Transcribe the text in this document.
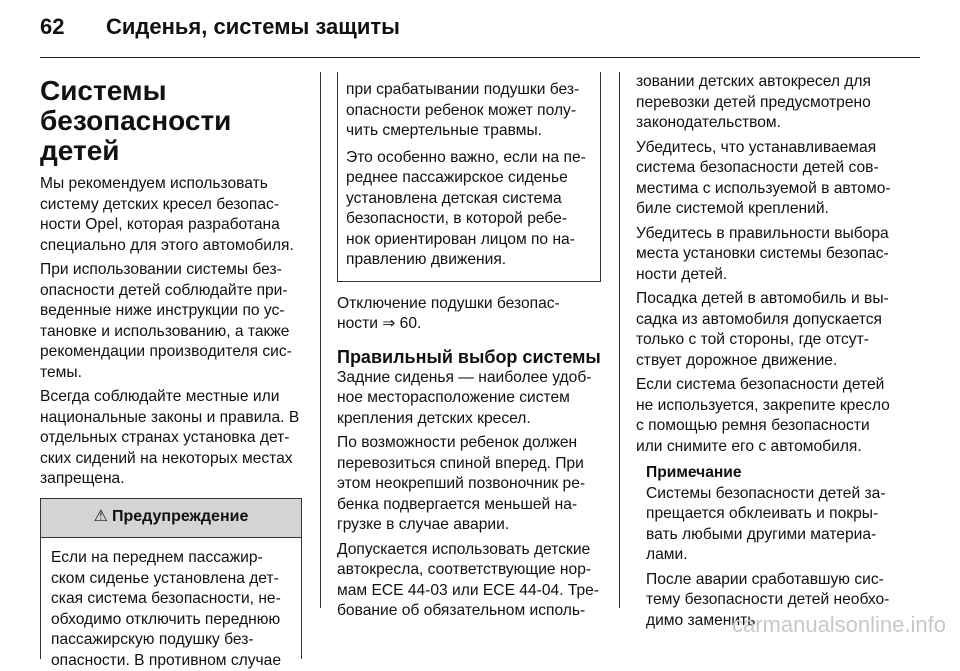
62 Сиденья, системы защиты
Системы
безопасности детей

Мы рекомендуем использовать
систему детских кресел безопас-
ности Opel, которая разработана
специально для этого автомобиля.

При использовании системы без-
опасности детей соблюдайте при-
веденные ниже инструкции по ус-
тановке и использованию, а также
рекомендации производителя сис-
темы.

Всегда соблюдайте местные или
национальные законы и правила. В
отдельных странах установка дет-
ских сидений на некоторых местах
запрещена.

⚠ Предупреждение
Если на переднем пассажир-
ском сиденье установлена дет-
ская система безопасности, не-
обходимо отключить переднюю
пассажирскую подушку без-
опасности. В противном случае

при срабатывании подушки без-
опасности ребенок может полу-
чить смертельные травмы.

Это особенно важно, если на пе-
реднее пассажирское сиденье
установлена детская система
безопасности, в которой ребе-
нок ориентирован лицом по на-
правлению движения.

Отключение подушки безопас-
ности ⇒ 60.

Правильный выбор системы

Задние сиденья — наиболее удоб-
ное месторасположение систем
крепления детских кресел.

По возможности ребенок должен
перевозиться спиной вперед. При
этом неокрепший позвоночник ре-
бенка подвергается меньшей на-
грузке в случае аварии.

Допускается использовать детские
автокресла, соответствующие нор-
мам ECE 44-03 или ECE 44-04. Тре-
бование об обязательном исполь-

зовании детских автокресел для
перевозки детей предусмотрено
законодательством.

Убедитесь, что устанавливаемая
система безопасности детей сов-
местима с используемой в автомо-
биле системой креплений.

Убедитесь в правильности выбора
места установки системы безопас-
ности детей.

Посадка детей в автомобиль и вы-
садка из автомобиля допускается
только с той стороны, где отсут-
ствует дорожное движение.

Если система безопасности детей
не используется, закрепите кресло
с помощью ремня безопасности
или снимите его с автомобиля.

Примечание

Системы безопасности детей за-
прещается обклеивать и покры-
вать любыми другими материа-
лами.

После аварии сработавшую сис-
тему безопасности детей необхо-
димо заменить.

carmanualsonline.info
